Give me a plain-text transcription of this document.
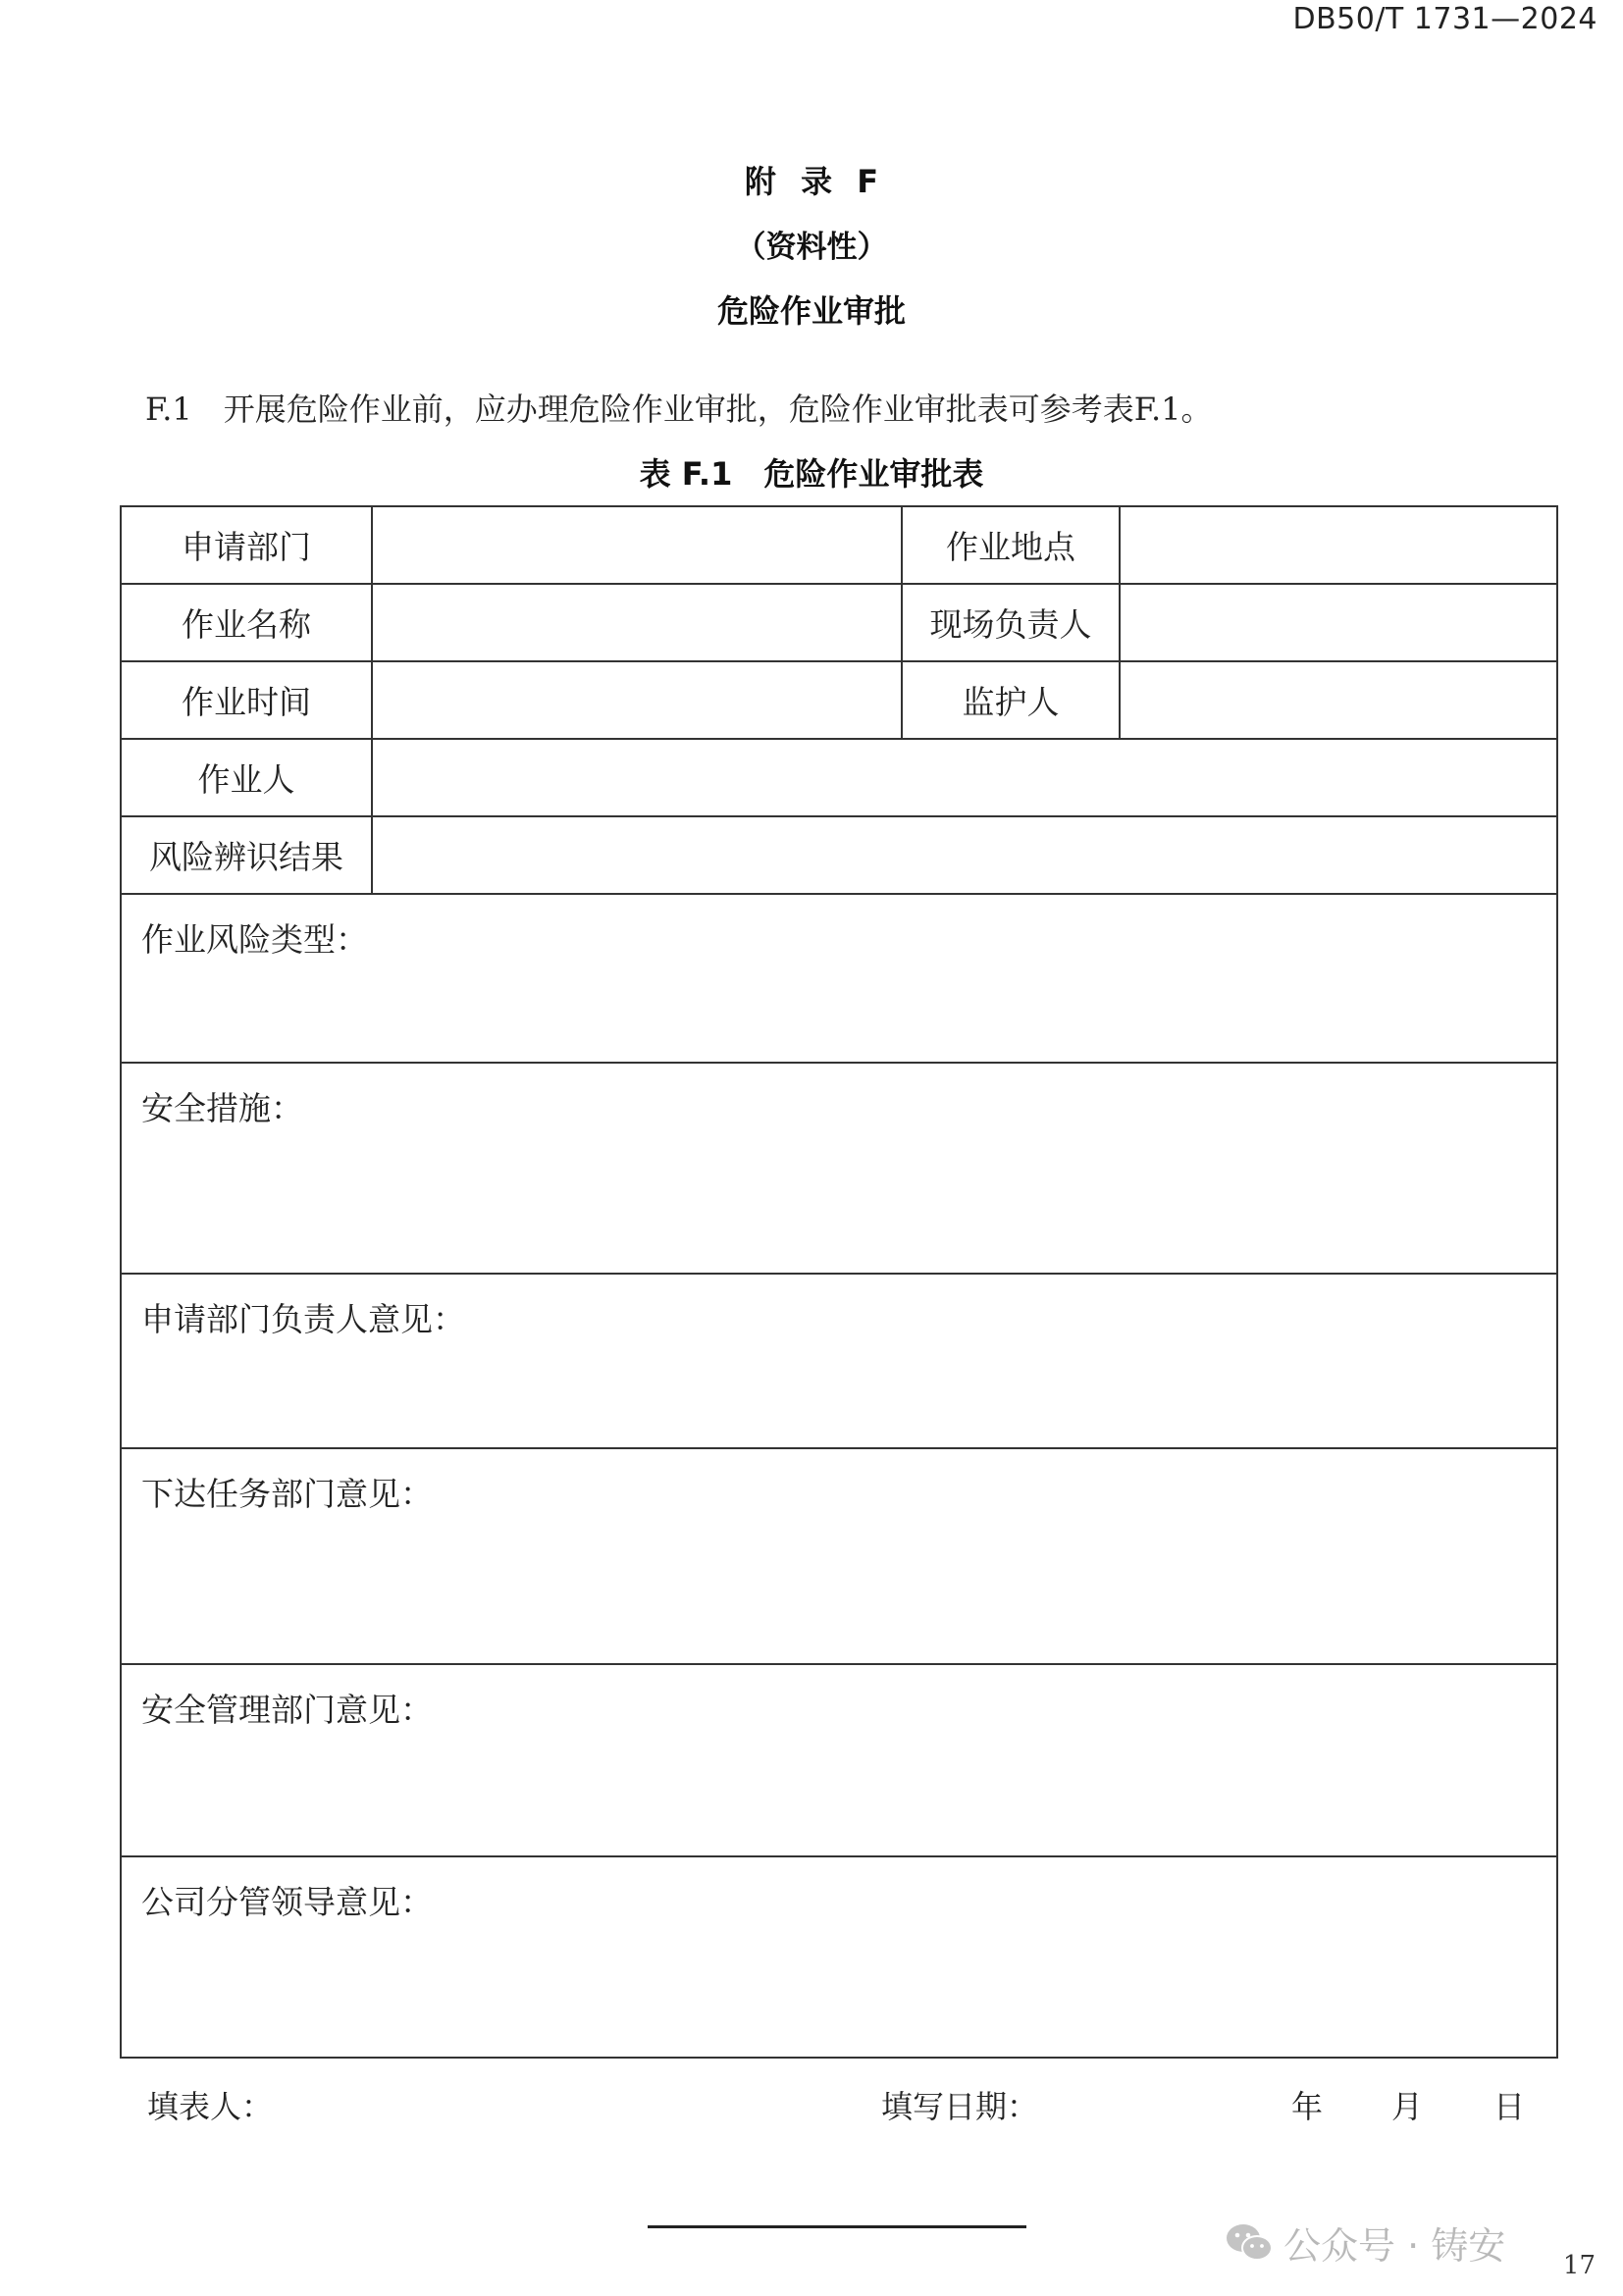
DB50/T 1731—2024
附 录 F
（资料性）
危险作业审批
F.1　开展危险作业前，应办理危险作业审批，危险作业审批表可参考表F.1。
表 F.1　危险作业审批表
申请部门		作业地点	
作业名称		现场负责人	
作业时间		监护人	
作业人			
风险辨识结果			
作业风险类型：			
安全措施：			
申请部门负责人意见：			
下达任务部门意见：			
安全管理部门意见：			
公司分管领导意见：			
填表人：	填写日期：	年 月 日
公众号 · 铸安 17
